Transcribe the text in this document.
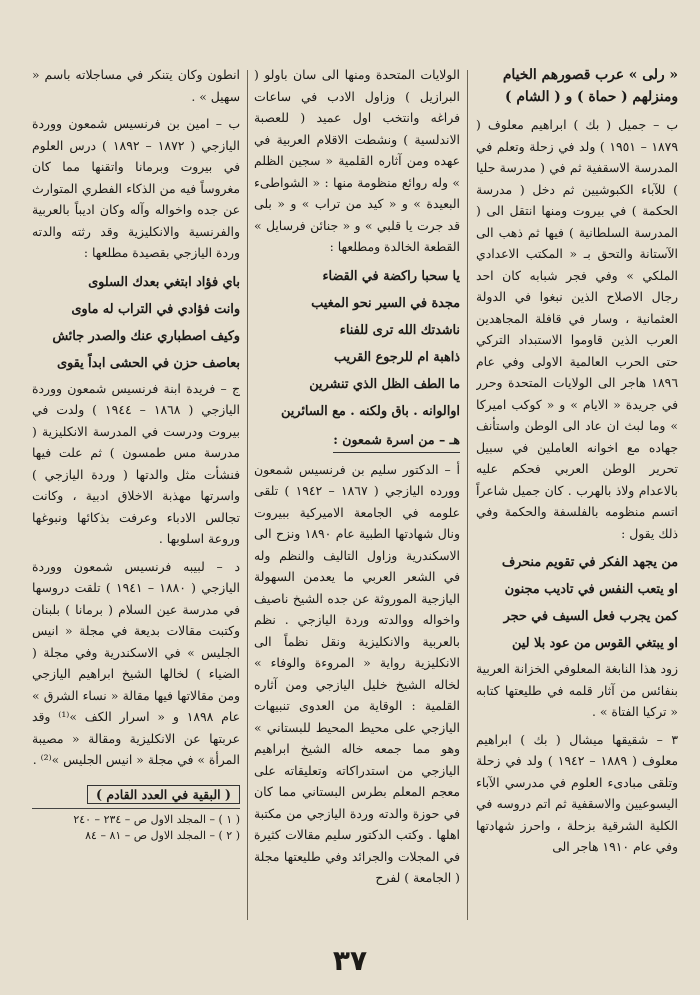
« رلى » عرب قصورهم الخيام ومنزلهم ( حماة ) و ( الشام )

ب – جميل ( بك ) ابراهيم معلوف ( ١٨٧٩ – ١٩٥١ ) ولد في زحلة وتعلم في المدرسة الاسقفية ثم في ( مدرسة حليا ) للآباء الكبوشيين ثم دخل ( مدرسة الحكمة ) في بيروت ومنها انتقل الى ( المدرسة السلطانية ) فيها ثم ذهب الى الآستانة والتحق بـ « المكتب الاعدادي الملكي » وفي فجر شبابه كان احد رجال الاصلاح الذين نبغوا في الدولة العثمانية ، وسار في قافلة المجاهدين العرب الذين قاوموا الاستبداد التركي حتى الحرب العالمية الاولى وفي عام ١٨٩٦ هاجر الى الولايات المتحدة وحرر في جريدة « الايام » و « كوكب اميركا » وما لبث ان عاد الى الوطن واستأنف جهاده مع اخوانه العاملين في سبيل تحرير الوطن العربي فحكم عليه بالاعدام ولاذ بالهرب . كان جميل شاعراً اتسم منظومه بالفلسفة والحكمة وفي ذلك يقول :

من يجهد الفكر في تقويم منحرف
او يتعب النفس في تاديب مجنون
كمن يجرب فعل السيف في حجر
او يبتغي القوس من عود بلا لين

زود هذا النابغة المعلوفي الخزانة العربية بنفائس من آثار قلمه في طليعتها كتابه « تركيا الفتاة » .

٣ – شقيقها ميشال ( بك ) ابراهيم معلوف ( ١٨٨٩ – ١٩٤٢ ) ولد في زحلة وتلقى مبادىء العلوم في مدرسي الآباء اليسوعيين والاسقفية ثم اتم دروسه في الكلية الشرقية بزحلة ، واحرز شهادتها وفي عام ١٩١٠ هاجر الى

الولايات المتحدة ومنها الى سان باولو ( البرازيل ) وزاول الادب في ساعات فراغه وانتخب اول عميد ( للعصبة الاندلسية ) ونشطت الاقلام العربية في عهده ومن آثاره القلمية « سجين الظلم » وله روائع منظومة منها : « الشواطىء البعيدة » و « كيد من تراب » و « بلى قد جرت يا قلبي » و « جنائن فرسايل » القطعة الخالدة ومطلعها :

يا سحبا راكضة في القضاء
مجدة في السير نحو المغيب
ناشدتك الله ترى للفناء
ذاهبة ام للرجوع القريب
ما الطف الظل الذي تنشرين
اوالوانه . باق ولكنه . مع السائرين
هـ – من اسرة شمعون :

أ – الدكتور سليم بن فرنسيس شمعون وورده اليازجي ( ١٨٦٧ – ١٩٤٢ ) تلقى علومه في الجامعة الاميركية ببيروت ونال شهادتها الطبية عام ١٨٩٠ ونزح الى الاسكندرية وزاول التاليف والنظم وله في الشعر العربي ما يعدمن السهولة اليازجية الموروثة عن جده الشيخ ناصيف واخواله ووالدته وردة اليازجي . نظم بالعربية والانكليزية ونقل نظماً الى الانكليزية رواية « المروءة والوفاء » لخاله الشيخ خليل اليازجي ومن آثاره القلمية : الوقاية من العدوى تنبيهات اليازجي على محيط المحيط للبستاني » وهو مما جمعه خاله الشيخ ابراهيم اليازجي من استدراكاته وتعليقاته على معجم المعلم بطرس البستاني مما كان في حوزة والدته وردة اليازجي من مكتبة اهلها . وكتب الدكتور سليم مقالات كثيرة في المجلات والجرائد وفي طليعتها مجلة ( الجامعة ) لفرح

انطون وكان يتنكر في مساجلاته باسم « سهيل » .

ب – امين بن فرنسيس شمعون ووردة اليازجي ( ١٨٧٢ – ١٨٩٢ ) درس العلوم في بيروت وبرمانا واتقنها مما كان مغروساً فيه من الذكاء الفطري المتوارث عن جده واخواله وآله وكان اديباً بالعربية والفرنسية والانكليزية وقد رثته والدته وردة اليازجي بقصيدة مطلعها :

باي فؤاد ابتغي بعدك السلوى
وانت فؤادي في التراب له ماوى
وكيف اصطباري عنك والصدر جائش
بعاصف حزن في الحشى ابداً يقوى

ج – فريدة ابنة فرنسيس شمعون ووردة اليازجي ( ١٨٦٨ – ١٩٤٤ ) ولدت في بيروت ودرست في المدرسة الانكليزية ( مدرسة مس طمسون ) ثم علت فيها فنشأت مثل والدتها ( وردة اليازجي ) واسرتها مهذبة الاخلاق ادبية ، وكانت تجالس الادباء وعرفت بذكائها ونبوغها وروعة اسلوبها .

د – لبيبه فرنسيس شمعون ووردة اليازجي ( ١٨٨٠ – ١٩٤١ ) تلقت دروسها في مدرسة عين السلام ( برمانا ) بلبنان وكتبت مقالات بديعة في مجلة « انيس الجليس » في الاسكندرية وفي مجلة ( الضياء ) لخالها الشيخ ابراهيم اليازجي ومن مقالاتها فيها مقالة « نساء الشرق » عام ١٨٩٨ و « اسرار الكف »⁽¹⁾ وقد عربتها عن الانكليزية ومقالة « مصيبة المرأة » في مجلة « انيس الجليس »⁽²⁾ .

( البقية في العدد القادم )
( ١ ) – المجلد الاول ص – ٢٣٤ – ٢٤٠
( ٢ ) – المجلد الاول ص – ٨١ – ٨٤
٣٧
